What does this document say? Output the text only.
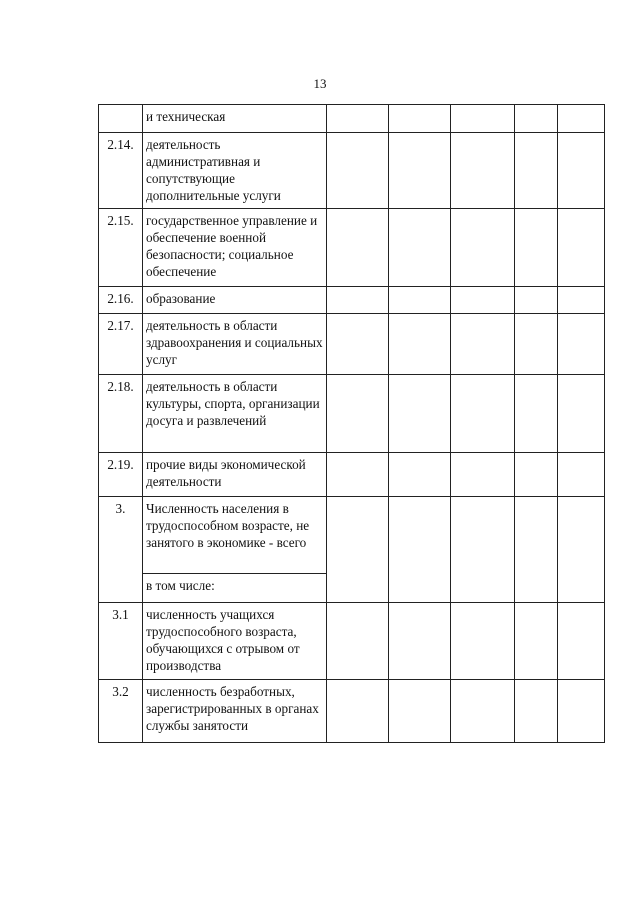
13
	и техническая					
2.14.	деятельность административная и сопутствующие дополнительные услуги					
2.15.	государственное управление и обеспечение военной безопасности; социальное обеспечение					
2.16.	образование					
2.17.	деятельность в области здравоохранения и социальных услуг					
2.18.	деятельность в области культуры, спорта, организации досуга и развлечений					
2.19.	прочие виды экономической деятельности					
3.	Численность населения в трудоспособном возрасте, не занятого в экономике - всего					
	в том числе:					
3.1	численность учащихся трудоспособного возраста, обучающихся с отрывом от производства					
3.2	численность безработных, зарегистрированных в органах службы занятости					
